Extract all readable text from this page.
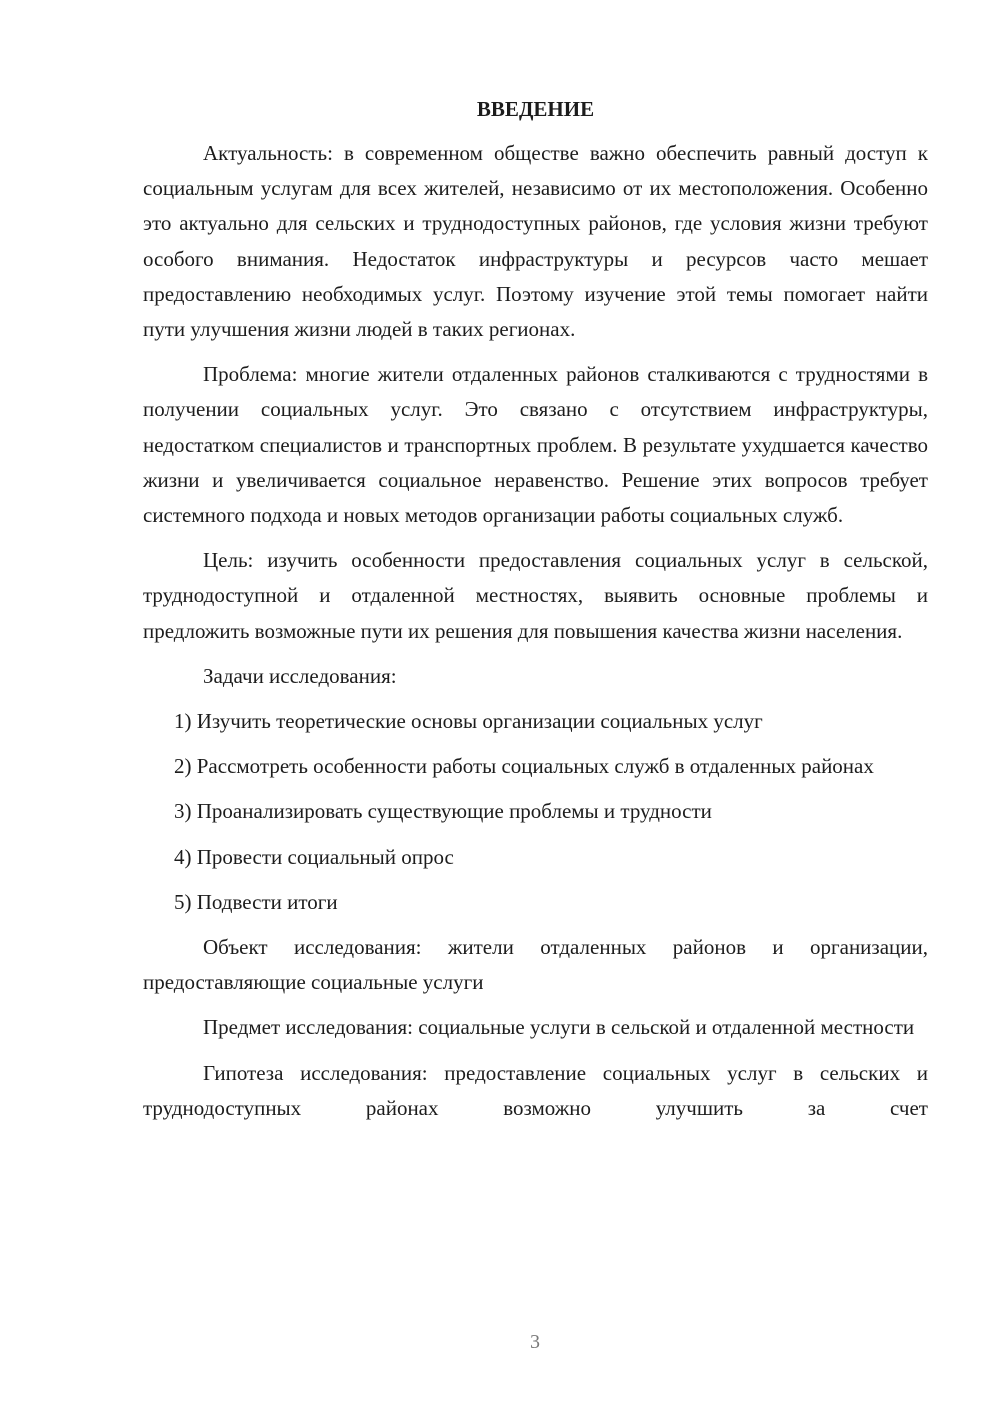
ВВЕДЕНИЕ

Актуальность: в современном обществе важно обеспечить равный доступ к социальным услугам для всех жителей, независимо от их местоположения. Особенно это актуально для сельских и труднодоступных районов, где условия жизни требуют особого внимания. Недостаток инфраструктуры и ресурсов часто мешает предоставлению необходимых услуг. Поэтому изучение этой темы помогает найти пути улучшения жизни людей в таких регионах.

Проблема: многие жители отдаленных районов сталкиваются с трудностями в получении социальных услуг. Это связано с отсутствием инфраструктуры, недостатком специалистов и транспортных проблем. В результате ухудшается качество жизни и увеличивается социальное неравенство. Решение этих вопросов требует системного подхода и новых методов организации работы социальных служб.

Цель: изучить особенности предоставления социальных услуг в сельской, труднодоступной и отдаленной местностях, выявить основные проблемы и предложить возможные пути их решения для повышения качества жизни населения.

Задачи исследования:

1) Изучить теоретические основы организации социальных услуг

2) Рассмотреть особенности работы социальных служб в отдаленных районах

3) Проанализировать существующие проблемы и трудности

4) Провести социальный опрос

5) Подвести итоги

Объект исследования: жители отдаленных районов и организации, предоставляющие социальные услуги

Предмет исследования: социальные услуги в сельской и отдаленной местности

Гипотеза исследования: предоставление социальных услуг в сельских и труднодоступных районах возможно улучшить за счет

3
